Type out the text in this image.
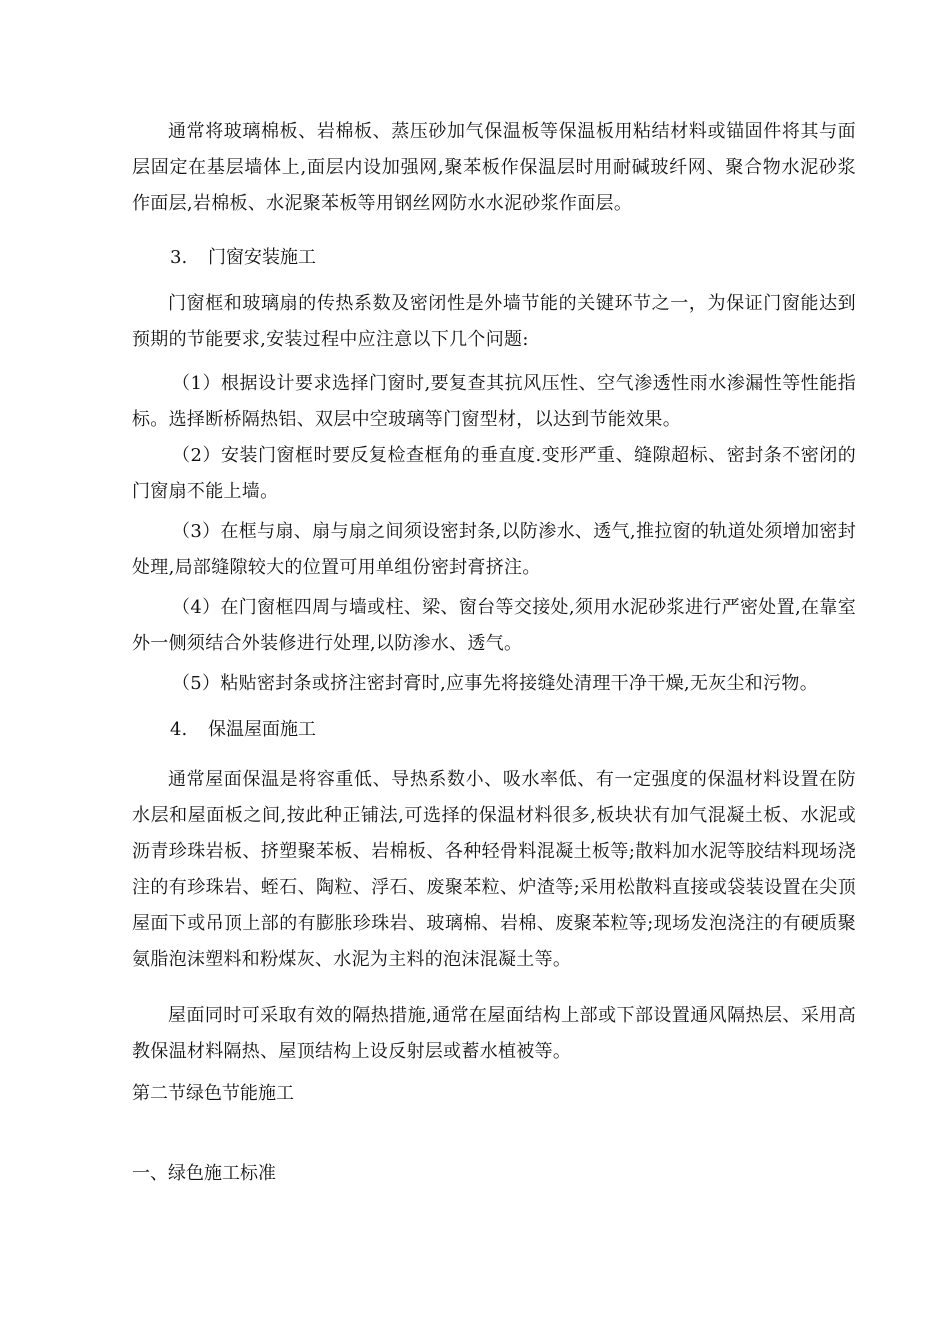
通常将玻璃棉板、岩棉板、蒸压砂加气保温板等保温板用粘结材料或锚固件将其与面层固定在基层墙体上,面层内设加强网,聚苯板作保温层时用耐碱玻纤网、聚合物水泥砂浆作面层,岩棉板、水泥聚苯板等用钢丝网防水水泥砂浆作面层。

3. 门窗安装施工

门窗框和玻璃扇的传热系数及密闭性是外墙节能的关键环节之一，为保证门窗能达到预期的节能要求,安装过程中应注意以下几个问题:

（1）根据设计要求选择门窗时,要复查其抗风压性、空气渗透性雨水渗漏性等性能指标。选择断桥隔热铝、双层中空玻璃等门窗型材，以达到节能效果。

（2）安装门窗框时要反复检查框角的垂直度.变形严重、缝隙超标、密封条不密闭的门窗扇不能上墙。

（3）在框与扇、扇与扇之间须设密封条,以防渗水、透气,推拉窗的轨道处须增加密封处理,局部缝隙较大的位置可用单组份密封膏挤注。

（4）在门窗框四周与墙或柱、梁、窗台等交接处,须用水泥砂浆进行严密处置,在靠室外一侧须结合外装修进行处理,以防渗水、透气。

（5）粘贴密封条或挤注密封膏时,应事先将接缝处清理干净干燥,无灰尘和污物。

4. 保温屋面施工

通常屋面保温是将容重低、导热系数小、吸水率低、有一定强度的保温材料设置在防水层和屋面板之间,按此种正铺法,可选择的保温材料很多,板块状有加气混凝土板、水泥或沥青珍珠岩板、挤塑聚苯板、岩棉板、各种轻骨料混凝土板等;散料加水泥等胶结料现场浇注的有珍珠岩、蛭石、陶粒、浮石、废聚苯粒、炉渣等;采用松散料直接或袋装设置在尖顶屋面下或吊顶上部的有膨胀珍珠岩、玻璃棉、岩棉、废聚苯粒等;现场发泡浇注的有硬质聚氨脂泡沫塑料和粉煤灰、水泥为主料的泡沫混凝土等。

屋面同时可采取有效的隔热措施,通常在屋面结构上部或下部设置通风隔热层、采用高教保温材料隔热、屋顶结构上设反射层或蓄水植被等。

第二节绿色节能施工

一、绿色施工标准
